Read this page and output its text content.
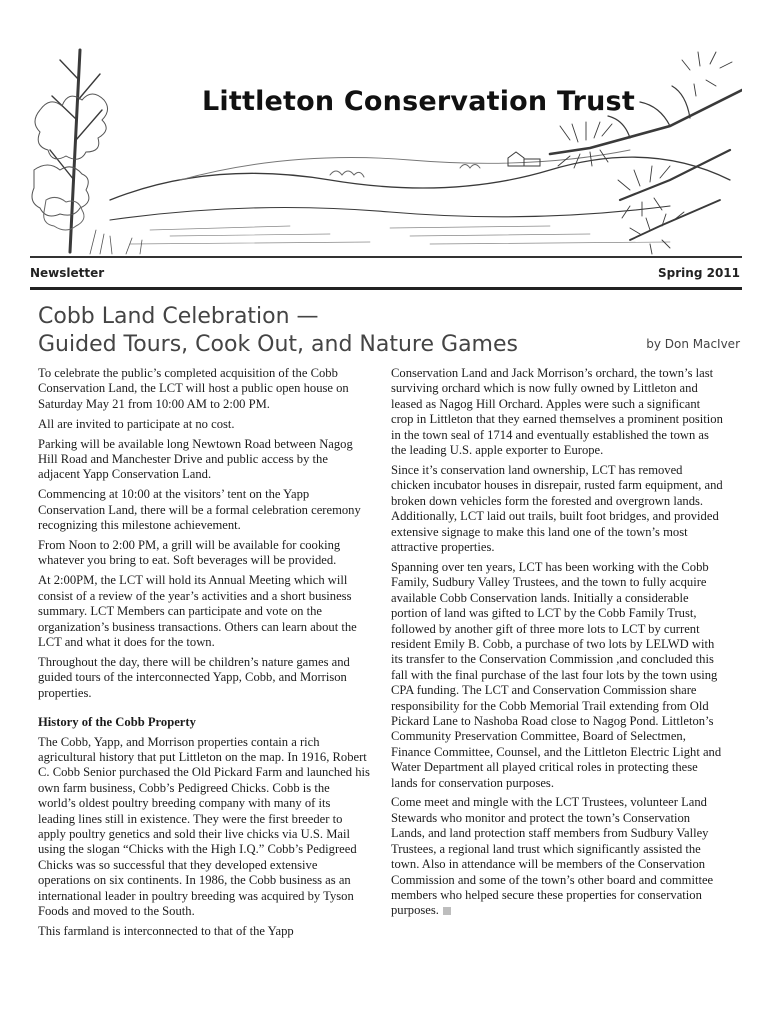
Littleton Conservation Trust
Newsletter	Spring 2011
Cobb Land Celebration —
Guided Tours, Cook Out, and Nature Games	by Don MacIver

To celebrate the public’s completed acquisition of the Cobb Conservation Land, the LCT will host a public open house on Saturday May 21 from 10:00 AM to 2:00 PM.

All are invited to participate at no cost.

Parking will be available long Newtown Road between Nagog Hill Road and Manchester Drive and public access by the adjacent Yapp Conservation Land.

Commencing at 10:00 at the visitors’ tent on the Yapp Conservation Land, there will be a formal celebration ceremony recognizing this milestone achievement.

From Noon to 2:00 PM, a grill will be available for cooking whatever you bring to eat. Soft beverages will be provided.

At 2:00PM, the LCT will hold its Annual Meeting which will consist of a review of the year’s activities and a short business summary. LCT Members can participate and vote on the organization’s business transactions. Others can learn about the LCT and what it does for the town.

Throughout the day, there will be children’s nature games and guided tours of the interconnected Yapp, Cobb, and Morrison properties.

History of the Cobb Property

The Cobb, Yapp, and Morrison properties contain a rich agricultural history that put Littleton on the map. In 1916, Robert C. Cobb Senior purchased the Old Pickard Farm and launched his own farm business, Cobb’s Pedigreed Chicks. Cobb is the world’s oldest poultry breeding company with many of its leading lines still in existence. They were the first breeder to apply poultry genetics and sold their live chicks via U.S. Mail using the slogan “Chicks with the High I.Q.” Cobb’s Pedigreed Chicks was so successful that they developed extensive operations on six continents. In 1986, the Cobb business as an international leader in poultry breeding was acquired by Tyson Foods and moved to the South.

This farmland is interconnected to that of the Yapp

Conservation Land and Jack Morrison’s orchard, the town’s last surviving orchard which is now fully owned by Littleton and leased as Nagog Hill Orchard. Apples were such a significant crop in Littleton that they earned themselves a prominent position in the town seal of 1714 and eventually established the town as the leading U.S. apple exporter to Europe.

Since it’s conservation land ownership, LCT has removed chicken incubator houses in disrepair, rusted farm equipment, and broken down vehicles form the forested and overgrown lands. Additionally, LCT laid out trails, built foot bridges, and provided extensive signage to make this land one of the town’s most attractive properties.

Spanning over ten years, LCT has been working with the Cobb Family, Sudbury Valley Trustees, and the town to fully acquire available Cobb Conservation lands. Initially a considerable portion of land was gifted to LCT by the Cobb Family Trust, followed by another gift of three more lots to LCT by current resident Emily B. Cobb, a purchase of two lots by LELWD with its transfer to the Conservation Commission ,and concluded this fall with the final purchase of the last four lots by the town using CPA funding. The LCT and Conservation Commission share responsibility for the Cobb Memorial Trail extending from Old Pickard Lane to Nashoba Road close to Nagog Pond. Littleton’s Community Preservation Committee, Board of Selectmen, Finance Committee, Counsel, and the Littleton Electric Light and Water Department all played critical roles in protecting these lands for conservation purposes.

Come meet and mingle with the LCT Trustees, volunteer Land Stewards who monitor and protect the town’s Conservation Lands, and land protection staff members from Sudbury Valley Trustees, a regional land trust which significantly assisted the town. Also in attendance will be members of the Conservation Commission and some of the town’s other board and committee members who helped secure these properties for conservation purposes.
